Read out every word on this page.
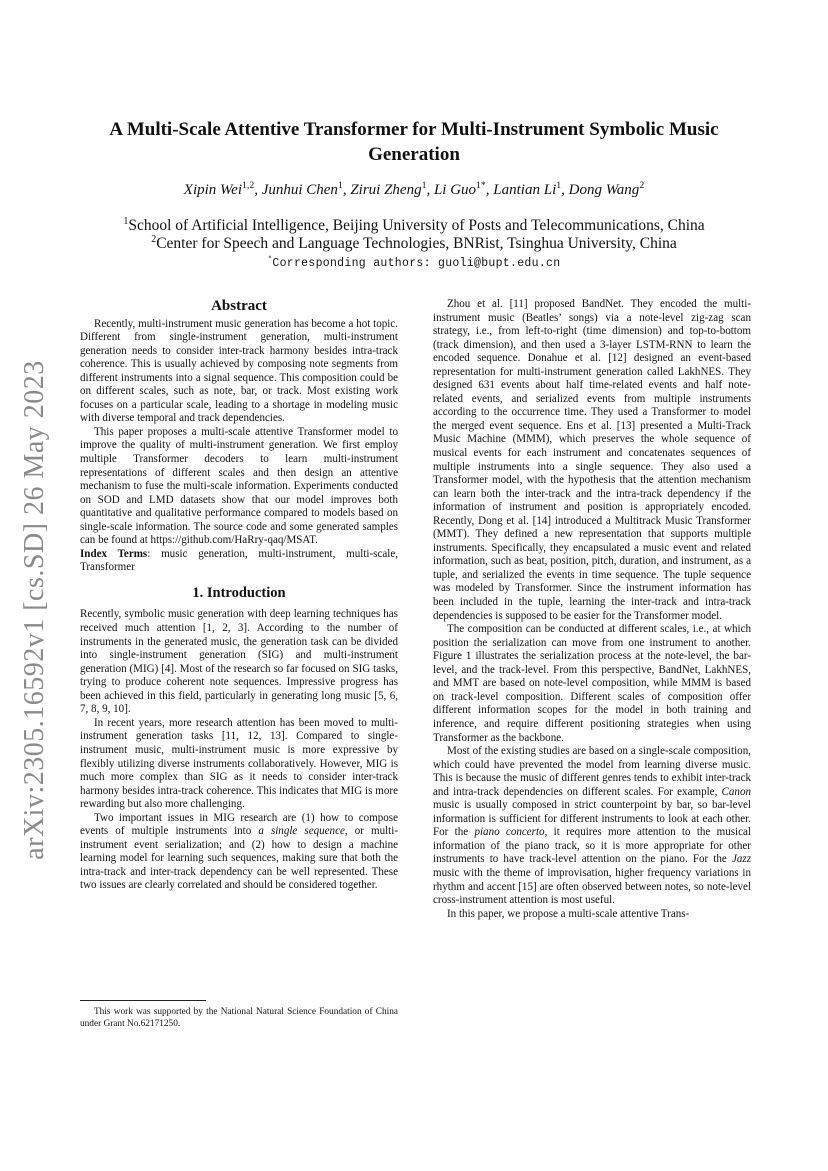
arXiv:2305.16592v1 [cs.SD] 26 May 2023
A Multi-Scale Attentive Transformer for Multi-Instrument Symbolic Music
Generation
Xipin Wei$^{1,2}$, Junhui Chen$^1$, Zirui Zheng$^1$, Li Guo$^{1*}$, Lantian Li$^1$, Dong Wang$^2$
$^1$School of Artificial Intelligence, Beijing University of Posts and Telecommunications, China
$^2$Center for Speech and Language Technologies, BNRist, Tsinghua University, China
*Corresponding authors: guoli@bupt.edu.cn
Abstract

Recently, multi-instrument music generation has become a hot topic. Different from single-instrument generation, multi-instrument generation needs to consider inter-track harmony besides intra-track coherence. This is usually achieved by composing note segments from different instruments into a signal sequence. This composition could be on different scales, such as note, bar, or track. Most existing work focuses on a particular scale, leading to a shortage in modeling music with diverse temporal and track dependencies.

This paper proposes a multi-scale attentive Transformer model to improve the quality of multi-instrument generation. We first employ multiple Transformer decoders to learn multi-instrument representations of different scales and then design an attentive mechanism to fuse the multi-scale information. Experiments conducted on SOD and LMD datasets show that our model improves both quantitative and qualitative performance compared to models based on single-scale information. The source code and some generated samples can be found at https://github.com/HaRry-qaq/MSAT.

Index Terms: music generation, multi-instrument, multi-scale, Transformer

1. Introduction

Recently, symbolic music generation with deep learning techniques has received much attention [1, 2, 3]. According to the number of instruments in the generated music, the generation task can be divided into single-instrument generation (SIG) and multi-instrument generation (MIG) [4]. Most of the research so far focused on SIG tasks, trying to produce coherent note sequences. Impressive progress has been achieved in this field, particularly in generating long music [5, 6, 7, 8, 9, 10].

In recent years, more research attention has been moved to multi-instrument generation tasks [11, 12, 13]. Compared to single-instrument music, multi-instrument music is more expressive by flexibly utilizing diverse instruments collaboratively. However, MIG is much more complex than SIG as it needs to consider inter-track harmony besides intra-track coherence. This indicates that MIG is more rewarding but also more challenging.

Two important issues in MIG research are (1) how to compose events of multiple instruments into a single sequence, or multi-instrument event serialization; and (2) how to design a machine learning model for learning such sequences, making sure that both the intra-track and inter-track dependency can be well represented. These two issues are clearly correlated and should be considered together.

This work was supported by the National Natural Science Foundation of China under Grant No.62171250.

Zhou et al. [11] proposed BandNet. They encoded the multi-instrument music (Beatles’ songs) via a note-level zig-zag scan strategy, i.e., from left-to-right (time dimension) and top-to-bottom (track dimension), and then used a 3-layer LSTM-RNN to learn the encoded sequence. Donahue et al. [12] designed an event-based representation for multi-instrument generation called LakhNES. They designed 631 events about half time-related events and half note-related events, and serialized events from multiple instruments according to the occurrence time. They used a Transformer to model the merged event sequence. Ens et al. [13] presented a Multi-Track Music Machine (MMM), which preserves the whole sequence of musical events for each instrument and concatenates sequences of multiple instruments into a single sequence. They also used a Transformer model, with the hypothesis that the attention mechanism can learn both the inter-track and the intra-track dependency if the information of instrument and position is appropriately encoded. Recently, Dong et al. [14] introduced a Multitrack Music Transformer (MMT). They defined a new representation that supports multiple instruments. Specifically, they encapsulated a music event and related information, such as beat, position, pitch, duration, and instrument, as a tuple, and serialized the events in time sequence. The tuple sequence was modeled by Transformer. Since the instrument information has been included in the tuple, learning the inter-track and intra-track dependencies is supposed to be easier for the Transformer model.

The composition can be conducted at different scales, i.e., at which position the serialization can move from one instrument to another. Figure 1 illustrates the serialization process at the note-level, the bar-level, and the track-level. From this perspective, BandNet, LakhNES, and MMT are based on note-level composition, while MMM is based on track-level composition. Different scales of composition offer different information scopes for the model in both training and inference, and require different positioning strategies when using Transformer as the backbone.

Most of the existing studies are based on a single-scale composition, which could have prevented the model from learning diverse music. This is because the music of different genres tends to exhibit inter-track and intra-track dependencies on different scales. For example, Canon music is usually composed in strict counterpoint by bar, so bar-level information is sufficient for different instruments to look at each other. For the piano concerto, it requires more attention to the musical information of the piano track, so it is more appropriate for other instruments to have track-level attention on the piano. For the Jazz music with the theme of improvisation, higher frequency variations in rhythm and accent [15] are often observed between notes, so note-level cross-instrument attention is most useful.

In this paper, we propose a multi-scale attentive Trans-
